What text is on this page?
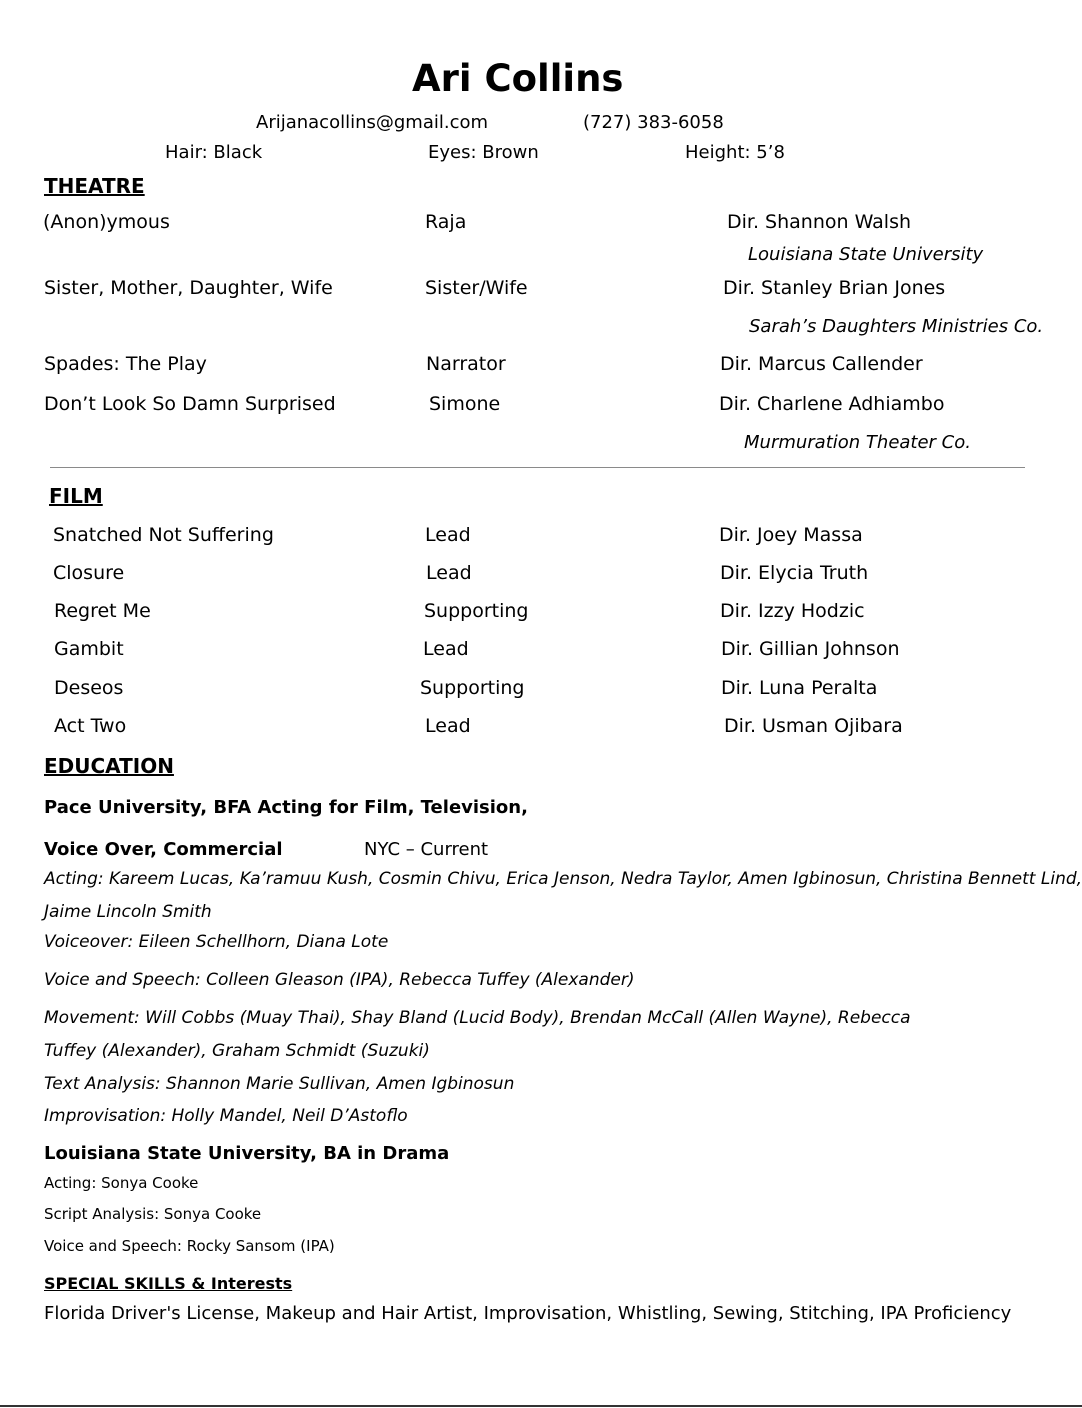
Ari Collins
Arijanacollins@gmail.com	(727) 383-6058
Hair: Black	Eyes: Brown	Height: 5’8
THEATRE
(Anon)ymous	Raja	Dir. Shannon Walsh
Louisiana State University
Sister, Mother, Daughter, Wife	Sister/Wife	Dir. Stanley Brian Jones
Sarah’s Daughters Ministries Co.
Spades: The Play	Narrator	Dir. Marcus Callender
Don’t Look So Damn Surprised	Simone	Dir. Charlene Adhiambo
Murmuration Theater Co.
FILM
Snatched Not Suffering	Lead	Dir. Joey Massa
Closure	Lead	Dir. Elycia Truth
Regret Me	Supporting	Dir. Izzy Hodzic
Gambit	Lead	Dir. Gillian Johnson
Deseos	Supporting	Dir. Luna Peralta
Act Two	Lead	Dir. Usman Ojibara
EDUCATION
Pace University, BFA Acting for Film, Television,
Voice Over, Commercial	NYC – Current
Acting: Kareem Lucas, Ka’ramuu Kush, Cosmin Chivu, Erica Jenson, Nedra Taylor, Amen Igbinosun, Christina Bennett Lind,
Jaime Lincoln Smith
Voiceover: Eileen Schellhorn, Diana Lote
Voice and Speech: Colleen Gleason (IPA), Rebecca Tuffey (Alexander)
Movement: Will Cobbs (Muay Thai), Shay Bland (Lucid Body), Brendan McCall (Allen Wayne), Rebecca
Tuffey (Alexander), Graham Schmidt (Suzuki)
Text Analysis: Shannon Marie Sullivan, Amen Igbinosun
Improvisation: Holly Mandel, Neil D’Astoflo
Louisiana State University, BA in Drama
Acting: Sonya Cooke
Script Analysis: Sonya Cooke
Voice and Speech: Rocky Sansom (IPA)
SPECIAL SKILLS & Interests
Florida Driver's License, Makeup and Hair Artist, Improvisation, Whistling, Sewing, Stitching, IPA Proficiency
